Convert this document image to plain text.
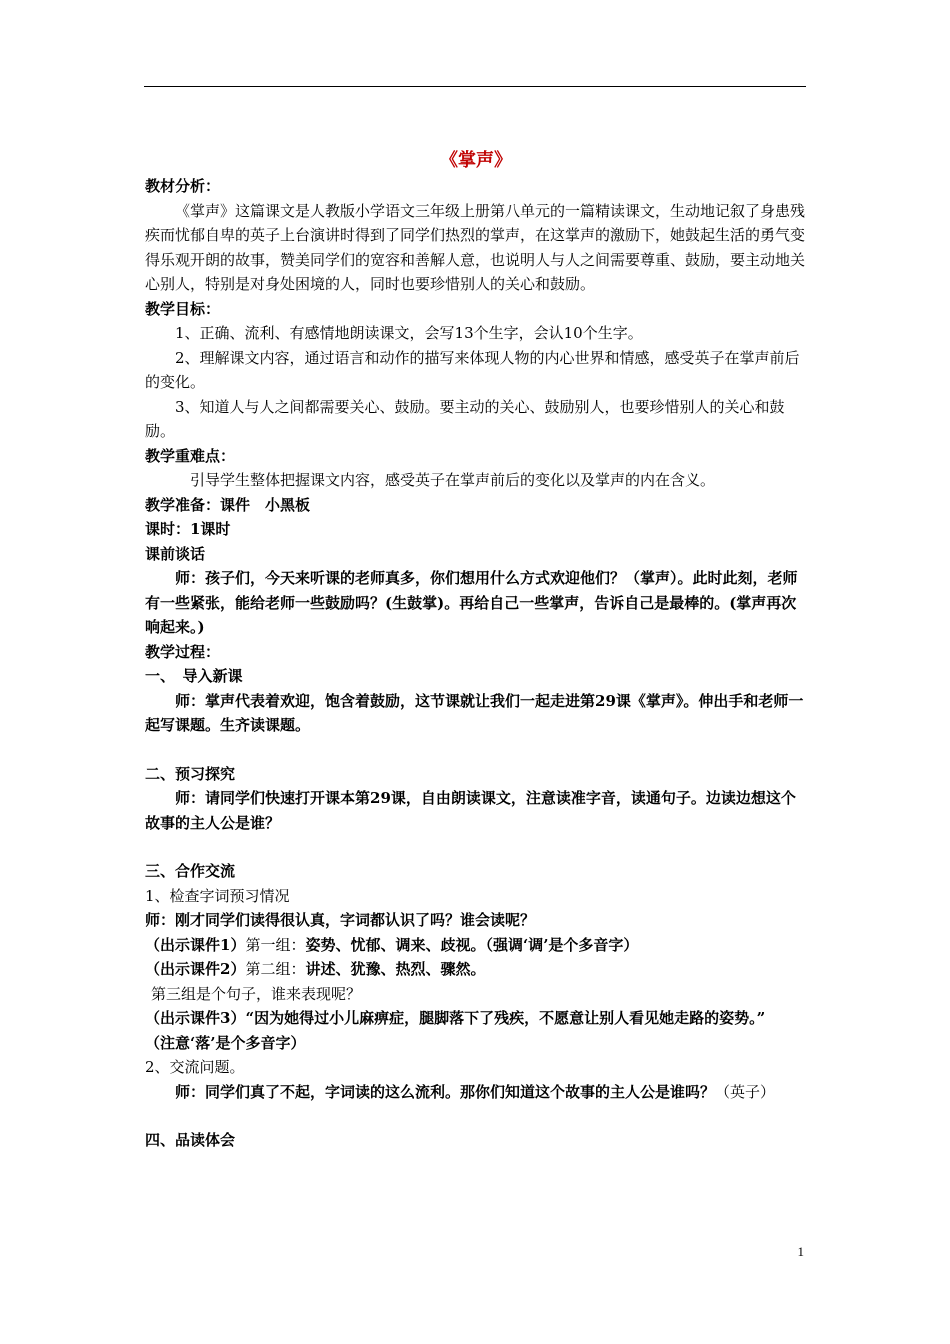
《掌声》

教材分析：

《掌声》这篇课文是人教版小学语文三年级上册第八单元的一篇精读课文，生动地记叙了身患残疾而忧郁自卑的英子上台演讲时得到了同学们热烈的掌声，在这掌声的激励下，她鼓起生活的勇气变得乐观开朗的故事，赞美同学们的宽容和善解人意，也说明人与人之间需要尊重、鼓励，要主动地关心别人，特别是对身处困境的人，同时也要珍惜别人的关心和鼓励。

教学目标：

1、正确、流利、有感情地朗读课文，会写13个生字，会认10个生字。

2、理解课文内容，通过语言和动作的描写来体现人物的内心世界和情感，感受英子在掌声前后的变化。

3、知道人与人之间都需要关心、鼓励。要主动的关心、鼓励别人，也要珍惜别人的关心和鼓励。

教学重难点：

引导学生整体把握课文内容，感受英子在掌声前后的变化以及掌声的内在含义。

教学准备：课件　小黑板

课时：1课时

课前谈话

师：孩子们，今天来听课的老师真多，你们想用什么方式欢迎他们？（掌声）。此时此刻，老师有一些紧张，能给老师一些鼓励吗？(生鼓掌)。再给自己一些掌声，告诉自己是最棒的。(掌声再次响起来。)

教学过程：

一、　导入新课

师：掌声代表着欢迎，饱含着鼓励，这节课就让我们一起走进第29课《掌声》。伸出手和老师一起写课题。生齐读课题。

二、预习探究

师：请同学们快速打开课本第29课，自由朗读课文，注意读准字音，读通句子。边读边想这个故事的主人公是谁？

三、合作交流

1、检查字词预习情况

师：刚才同学们读得很认真，字词都认识了吗？谁会读呢？

（出示课件1）第一组：姿势、忧郁、调来、歧视。（强调‘调’是个多音字）

（出示课件2）第二组：讲述、犹豫、热烈、骤然。

第三组是个句子，谁来表现呢？

（出示课件3）“因为她得过小儿麻痹症，腿脚落下了残疾，不愿意让别人看见她走路的姿势。”

（注意‘落’是个多音字）

2、交流问题。

师：同学们真了不起，字词读的这么流利。那你们知道这个故事的主人公是谁吗？（英子）

四、品读体会

1
